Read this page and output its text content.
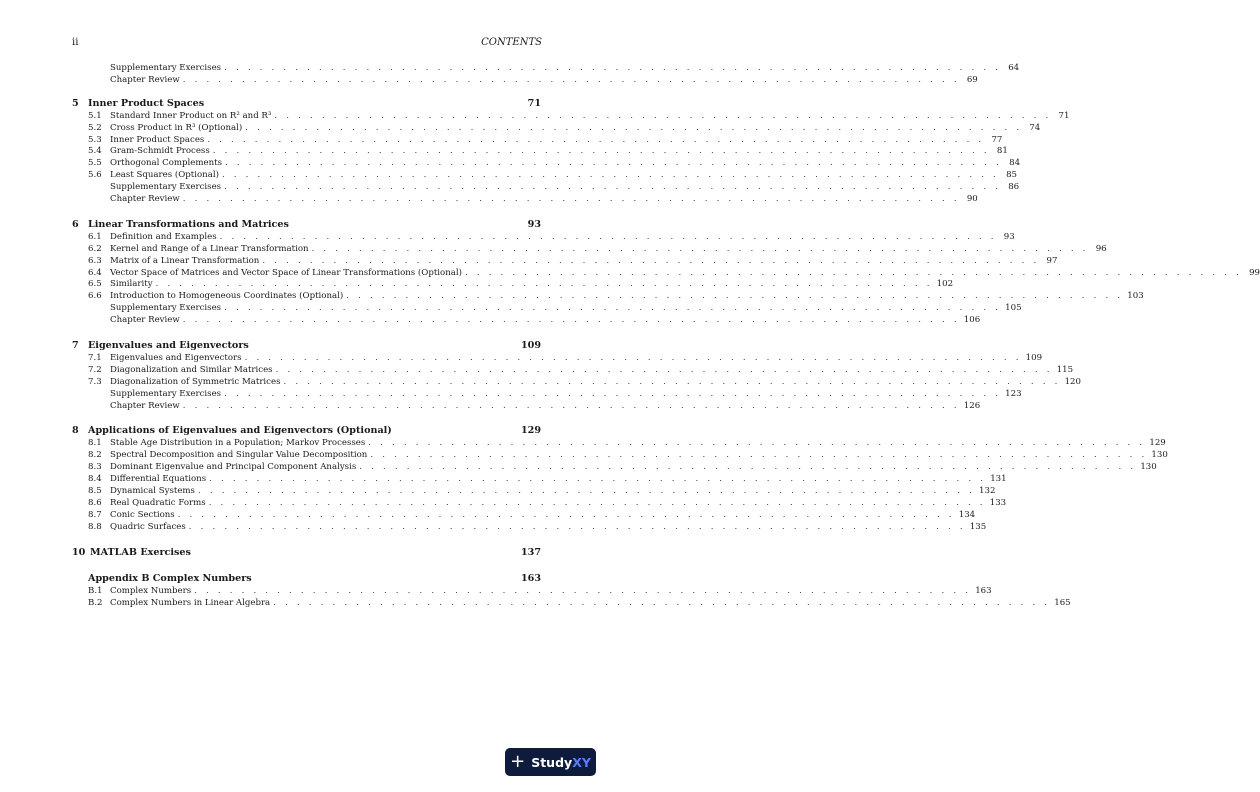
ii	CONTENTS
Supplementary Exercises . . . . . . . . . . . . . . . . . . . . . . . . . . . . . . . . . . . . . . . . . . . . . . . . . . . . . . . . . . . . . . . . . . 64
Chapter Review . . . . . . . . . . . . . . . . . . . . . . . . . . . . . . . . . . . . . . . . . . . . . . . . . . . . . . . . . . . . . . . . . . 69
5 Inner Product Spaces	71
5.1 Standard Inner Product on R² and R³ . . . . . . . . . . . . . . . . . . . . . . . . . . . . . . . . . . . . . . . . . . . . . . . . . . . . . . . . . . . . . . . . . . 71
5.2 Cross Product in R³ (Optional) . . . . . . . . . . . . . . . . . . . . . . . . . . . . . . . . . . . . . . . . . . . . . . . . . . . . . . . . . . . . . . . . . . 74
5.3 Inner Product Spaces . . . . . . . . . . . . . . . . . . . . . . . . . . . . . . . . . . . . . . . . . . . . . . . . . . . . . . . . . . . . . . . . . . 77
5.4 Gram-Schmidt Process . . . . . . . . . . . . . . . . . . . . . . . . . . . . . . . . . . . . . . . . . . . . . . . . . . . . . . . . . . . . . . . . . . 81
5.5 Orthogonal Complements . . . . . . . . . . . . . . . . . . . . . . . . . . . . . . . . . . . . . . . . . . . . . . . . . . . . . . . . . . . . . . . . . . 84
5.6 Least Squares (Optional) . . . . . . . . . . . . . . . . . . . . . . . . . . . . . . . . . . . . . . . . . . . . . . . . . . . . . . . . . . . . . . . . . . 85
Supplementary Exercises . . . . . . . . . . . . . . . . . . . . . . . . . . . . . . . . . . . . . . . . . . . . . . . . . . . . . . . . . . . . . . . . . . 86
Chapter Review . . . . . . . . . . . . . . . . . . . . . . . . . . . . . . . . . . . . . . . . . . . . . . . . . . . . . . . . . . . . . . . . . . 90
6 Linear Transformations and Matrices	93
6.1 Definition and Examples . . . . . . . . . . . . . . . . . . . . . . . . . . . . . . . . . . . . . . . . . . . . . . . . . . . . . . . . . . . . . . . . . . 93
6.2 Kernel and Range of a Linear Transformation . . . . . . . . . . . . . . . . . . . . . . . . . . . . . . . . . . . . . . . . . . . . . . . . . . . . . . . . . . . . . . . . . . 96
6.3 Matrix of a Linear Transformation . . . . . . . . . . . . . . . . . . . . . . . . . . . . . . . . . . . . . . . . . . . . . . . . . . . . . . . . . . . . . . . . . . 97
6.4 Vector Space of Matrices and Vector Space of Linear Transformations (Optional) . . . . . . . . . . . . . . . . . . . . . . . . . . . . . . . . . . . . . . . . . . . . . . . . . . . . . . . . . . . . . . . . . . 99
6.5 Similarity . . . . . . . . . . . . . . . . . . . . . . . . . . . . . . . . . . . . . . . . . . . . . . . . . . . . . . . . . . . . . . . . . . 102
6.6 Introduction to Homogeneous Coordinates (Optional) . . . . . . . . . . . . . . . . . . . . . . . . . . . . . . . . . . . . . . . . . . . . . . . . . . . . . . . . . . . . . . . . . . 103
Supplementary Exercises . . . . . . . . . . . . . . . . . . . . . . . . . . . . . . . . . . . . . . . . . . . . . . . . . . . . . . . . . . . . . . . . . . 105
Chapter Review . . . . . . . . . . . . . . . . . . . . . . . . . . . . . . . . . . . . . . . . . . . . . . . . . . . . . . . . . . . . . . . . . . 106
7 Eigenvalues and Eigenvectors	109
7.1 Eigenvalues and Eigenvectors . . . . . . . . . . . . . . . . . . . . . . . . . . . . . . . . . . . . . . . . . . . . . . . . . . . . . . . . . . . . . . . . . . 109
7.2 Diagonalization and Similar Matrices . . . . . . . . . . . . . . . . . . . . . . . . . . . . . . . . . . . . . . . . . . . . . . . . . . . . . . . . . . . . . . . . . . 115
7.3 Diagonalization of Symmetric Matrices . . . . . . . . . . . . . . . . . . . . . . . . . . . . . . . . . . . . . . . . . . . . . . . . . . . . . . . . . . . . . . . . . . 120
Supplementary Exercises . . . . . . . . . . . . . . . . . . . . . . . . . . . . . . . . . . . . . . . . . . . . . . . . . . . . . . . . . . . . . . . . . . 123
Chapter Review . . . . . . . . . . . . . . . . . . . . . . . . . . . . . . . . . . . . . . . . . . . . . . . . . . . . . . . . . . . . . . . . . . 126
8 Applications of Eigenvalues and Eigenvectors (Optional)	129
8.1 Stable Age Distribution in a Population; Markov Processes . . . . . . . . . . . . . . . . . . . . . . . . . . . . . . . . . . . . . . . . . . . . . . . . . . . . . . . . . . . . . . . . . . 129
8.2 Spectral Decomposition and Singular Value Decomposition . . . . . . . . . . . . . . . . . . . . . . . . . . . . . . . . . . . . . . . . . . . . . . . . . . . . . . . . . . . . . . . . . . 130
8.3 Dominant Eigenvalue and Principal Component Analysis . . . . . . . . . . . . . . . . . . . . . . . . . . . . . . . . . . . . . . . . . . . . . . . . . . . . . . . . . . . . . . . . . . 130
8.4 Differential Equations . . . . . . . . . . . . . . . . . . . . . . . . . . . . . . . . . . . . . . . . . . . . . . . . . . . . . . . . . . . . . . . . . . 131
8.5 Dynamical Systems . . . . . . . . . . . . . . . . . . . . . . . . . . . . . . . . . . . . . . . . . . . . . . . . . . . . . . . . . . . . . . . . . . 132
8.6 Real Quadratic Forms . . . . . . . . . . . . . . . . . . . . . . . . . . . . . . . . . . . . . . . . . . . . . . . . . . . . . . . . . . . . . . . . . . 133
8.7 Conic Sections . . . . . . . . . . . . . . . . . . . . . . . . . . . . . . . . . . . . . . . . . . . . . . . . . . . . . . . . . . . . . . . . . . 134
8.8 Quadric Surfaces . . . . . . . . . . . . . . . . . . . . . . . . . . . . . . . . . . . . . . . . . . . . . . . . . . . . . . . . . . . . . . . . . . 135
10 MATLAB Exercises	137
Appendix B Complex Numbers	163
B.1 Complex Numbers . . . . . . . . . . . . . . . . . . . . . . . . . . . . . . . . . . . . . . . . . . . . . . . . . . . . . . . . . . . . . . . . . . 163
B.2 Complex Numbers in Linear Algebra . . . . . . . . . . . . . . . . . . . . . . . . . . . . . . . . . . . . . . . . . . . . . . . . . . . . . . . . . . . . . . . . . . 165
+ Study XY
